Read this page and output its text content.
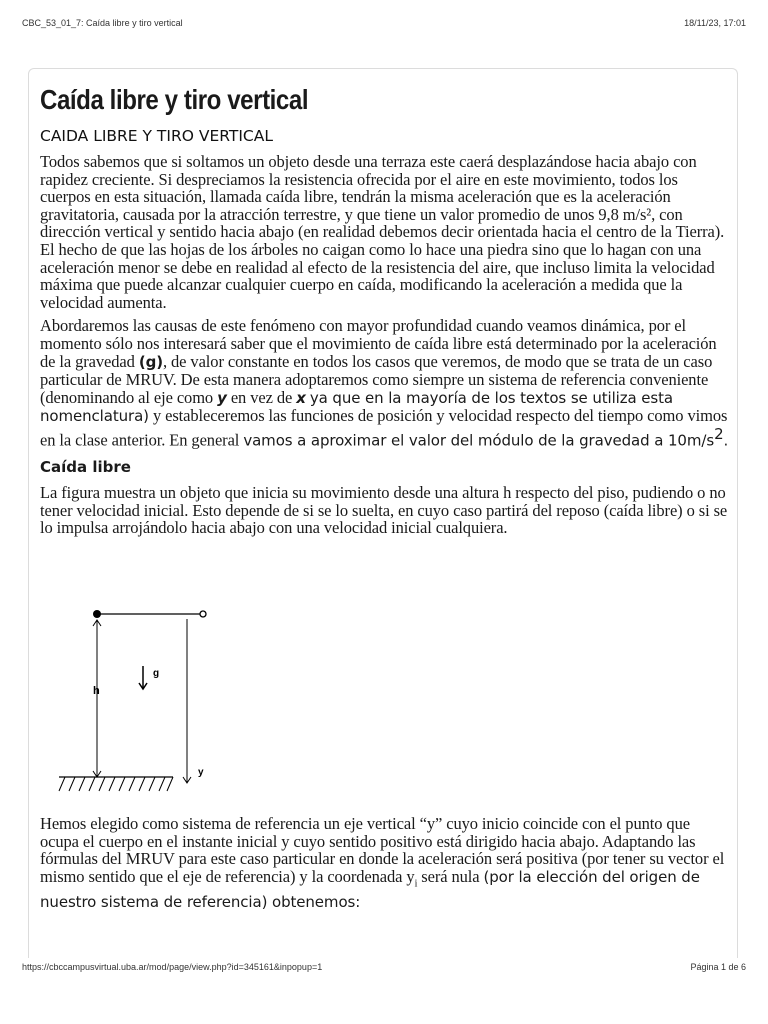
CBC_53_01_7: Caída libre y tiro vertical	18/11/23, 17:01
Caída libre y tiro vertical
CAIDA LIBRE Y TIRO VERTICAL

Todos sabemos que si soltamos un objeto desde una terraza este caerá desplazándose hacia abajo con rapidez creciente. Si despreciamos la resistencia ofrecida por el aire en este movimiento, todos los cuerpos en esta situación, llamada caída libre, tendrán la misma aceleración que es la aceleración gravitatoria, causada por la atracción terrestre, y que tiene un valor promedio de unos 9,8 m/s², con dirección vertical y sentido hacia abajo (en realidad debemos decir orientada hacia el centro de la Tierra). El hecho de que las hojas de los árboles no caigan como lo hace una piedra sino que lo hagan con una aceleración menor se debe en realidad al efecto de la resistencia del aire, que incluso limita la velocidad máxima que puede alcanzar cualquier cuerpo en caída, modificando la aceleración a medida que la velocidad aumenta.

Abordaremos las causas de este fenómeno con mayor profundidad cuando veamos dinámica, por el momento sólo nos interesará saber que el movimiento de caída libre está determinado por la aceleración de la gravedad (g), de valor constante en todos los casos que veremos, de modo que se trata de un caso particular de MRUV. De esta manera adoptaremos como siempre un sistema de referencia conveniente (denominando al eje como y en vez de x ya que en la mayoría de los textos se utiliza esta nomenclatura) y estableceremos las funciones de posición y velocidad respecto del tiempo como vimos en la clase anterior. En general vamos a aproximar el valor del módulo de la gravedad a $10m/s^2$.

Caída libre

La figura muestra un objeto que inicia su movimiento desde una altura h respecto del piso, pudiendo o no tener velocidad inicial. Esto depende de si se lo suelta, en cuyo caso partirá del reposo (caída libre) o si se lo impulsa arrojándolo hacia abajo con una velocidad inicial cualquiera.

h
g
y
0

Hemos elegido como sistema de referencia un eje vertical “y” cuyo inicio coincide con el punto que ocupa el cuerpo en el instante inicial y cuyo sentido positivo está dirigido hacia abajo. Adaptando las fórmulas del MRUV para este caso particular en donde la aceleración será positiva (por tener su vector el mismo sentido que el eje de referencia) y la coordenada $y_i$ será nula (por la elección del origen de nuestro sistema de referencia) obtenemos:

https://cbccampusvirtual.uba.ar/mod/page/view.php?id=345161&inpopup=1	Página 1 de 6
